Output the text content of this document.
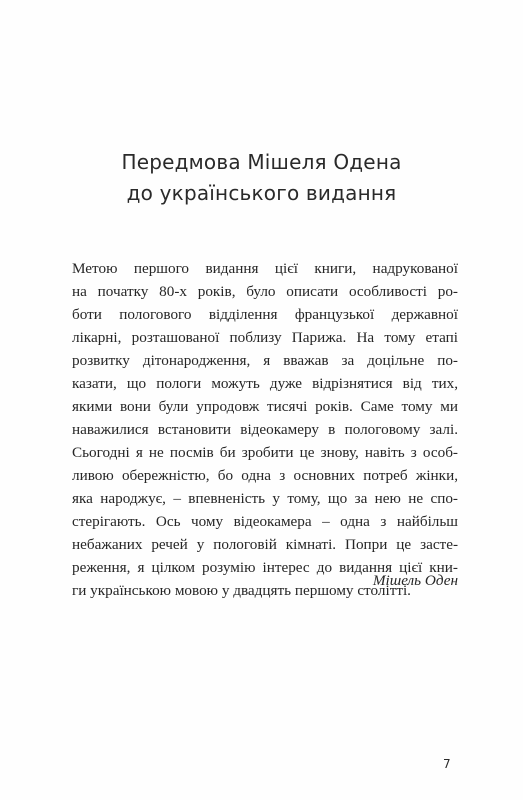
Передмова Мішеля Одена
до українського видання
Метою першого видання цієї книги, надрукованої
на початку 80-х років, було описати особливості ро-
боти пологового відділення французької державної
лікарні, розташованої поблизу Парижа. На тому етапі
розвитку дітонародження, я вважав за доцільне по-
казати, що пологи можуть дуже відрізнятися від тих,
якими вони були упродовж тисячі років. Саме тому ми
наважилися встановити відеокамеру в пологовому залі.
Сьогодні я не посмів би зробити це знову, навіть з особ-
ливою обережністю, бо одна з основних потреб жінки,
яка народжує, – впевненість у тому, що за нею не спо-
стерігають. Ось чому відеокамера – одна з найбільш
небажаних речей у пологовій кімнаті. Попри це засте-
реження, я цілком розумію інтерес до видання цієї кни-
ги українською мовою у двадцять першому столітті.
Мішель Оден
7
